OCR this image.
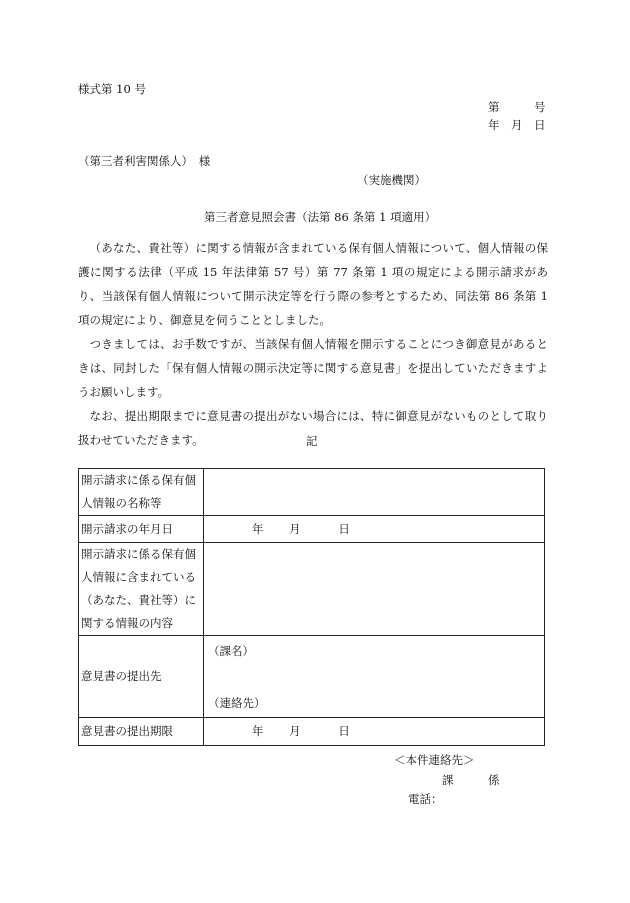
様式第 10 号
第　　　号
年　月　日
（第三者利害関係人）　様
（実施機関）
第三者意見照会書（法第 86 条第 1 項適用）

（あなた、貴社等）に関する情報が含まれている保有個人情報について、個人情報の保護に関する法律（平成 15 年法律第 57 号）第 77 条第 1 項の規定による開示請求があり、当該保有個人情報について開示決定等を行う際の参考とするため、同法第 86 条第 1 項の規定により、御意見を伺うこととしました。

つきましては、お手数ですが、当該保有個人情報を開示することにつき御意見があるときは、同封した「保有個人情報の開示決定等に関する意見書」を提出していただきますようお願いします。

なお、提出期限までに意見書の提出がない場合には、特に御意見がないものとして取り扱わせていただきます。	記
開示請求に係る保有個人情報の名称等	
開示請求の年月日	年 月 日
開示請求に係る保有個人情報に含まれている（あなた、貴社等）に関する情報の内容	
意見書の提出先	（課名）
（連絡先）

意見書の提出期限	年 月 日
＜本件連絡先＞
課　　　係
電話：
